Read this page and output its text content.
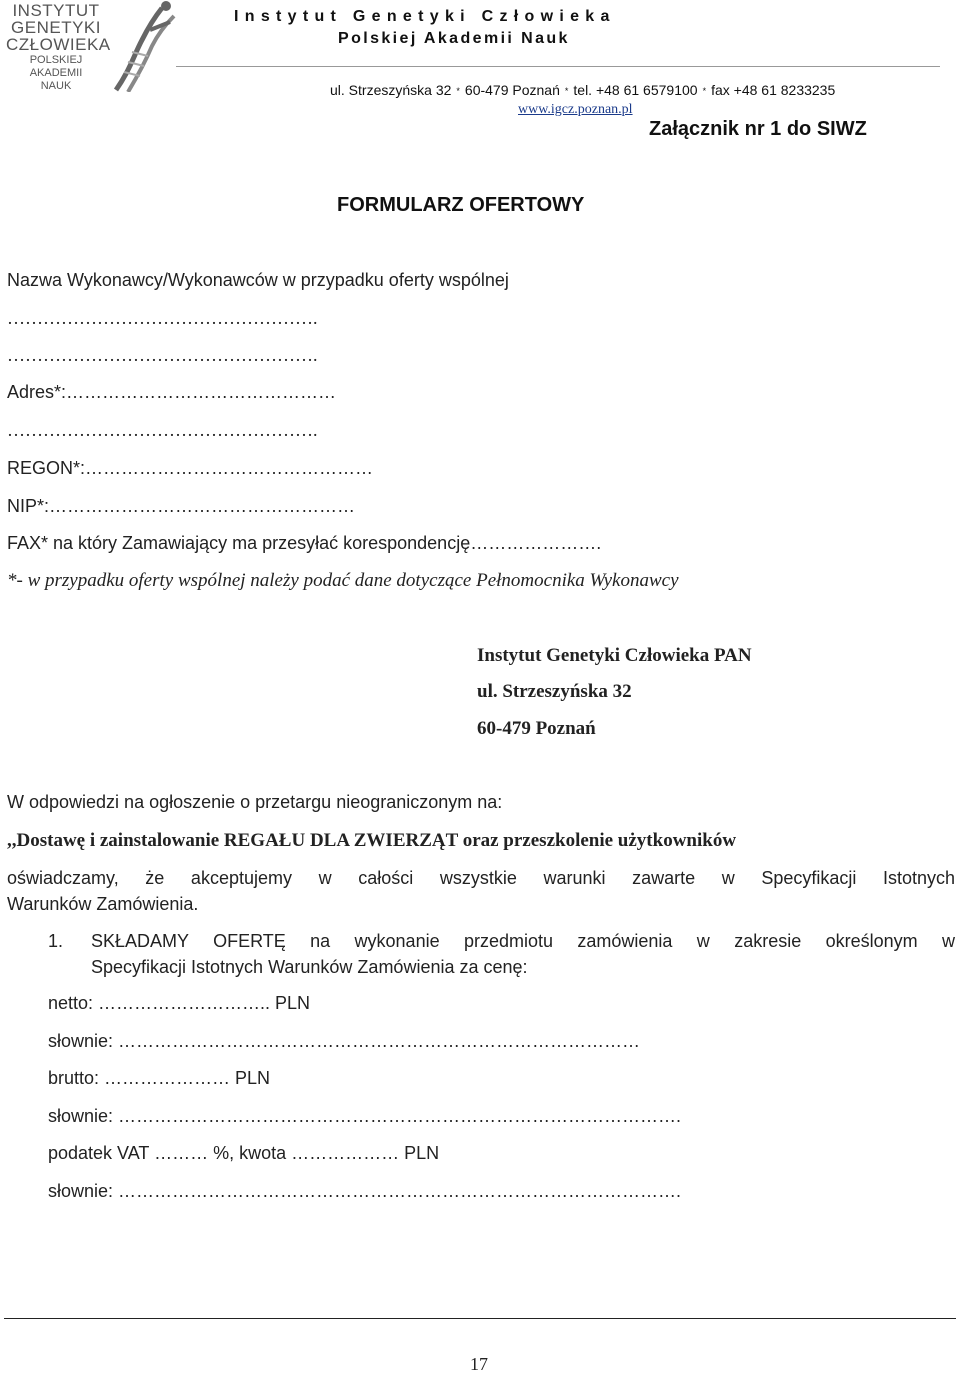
INSTYTUT
GENETYKI
CZŁOWIEKA
POLSKIEJ
AKADEMII
NAUK
Instytut Genetyki Człowieka
Polskiej Akademii Nauk
ul. Strzeszyńska 32 * 60-479 Poznań * tel. +48 61 6579100 * fax +48 61 8233235
www.igcz.poznan.pl
Załącznik nr 1 do SIWZ
FORMULARZ OFERTOWY
Nazwa Wykonawcy/Wykonawców w przypadku oferty wspólnej
…………………………………………….
…………………………………………….
Adres*:………………………………………
…………………………………………….
REGON*:…………………………………………
NIP*:……………………………………………
FAX* na który Zamawiający ma przesyłać korespondencję………………….
*- w przypadku oferty wspólnej należy podać dane dotyczące Pełnomocnika Wykonawcy
Instytut Genetyki Człowieka PAN
ul. Strzeszyńska 32
60-479 Poznań
W odpowiedzi na ogłoszenie o przetargu nieograniczonym na:
,,Dostawę i zainstalowanie REGAŁU DLA ZWIERZĄT oraz przeszkolenie użytkowników
oświadczamy, że akceptujemy w całości wszystkie warunki zawarte w Specyfikacji Istotnych
Warunków Zamówienia.
1. SKŁADAMY OFERTĘ na wykonanie przedmiotu zamówienia w zakresie określonym w
Specyfikacji Istotnych Warunków Zamówienia za cenę:
netto: ……………………….. PLN
słownie: ……………………………………………………………………………
brutto: ………………… PLN
słownie: ………………………………………………………………………………….
podatek VAT ……… %, kwota ……………… PLN
słownie: ………………………………………………………………………………….
17
